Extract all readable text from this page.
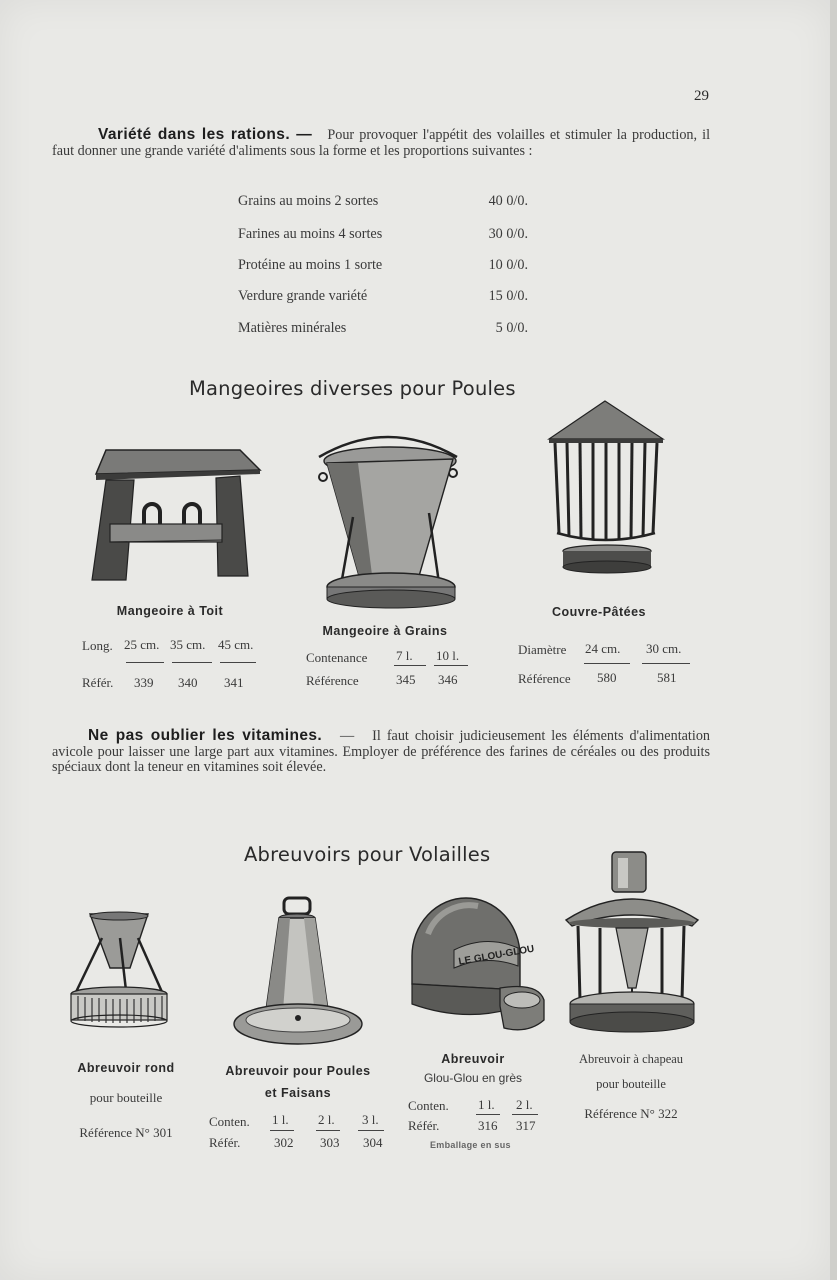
29
Variété dans les rations. — Pour provoquer l'appétit des volailles et stimuler la production, il faut donner une grande variété d'aliments sous la forme et les proportions suivantes :
Grains au moins 2 sortes	40 0/0.
Farines au moins 4 sortes	30 0/0.
Protéine au moins 1 sorte	10 0/0.
Verdure grande variété	15 0/0.
Matières minérales	5 0/0.
Mangeoires diverses pour Poules
Mangeoire à Toit
Long. 25 cm. 35 cm. 45 cm.
Référ. 339 340 341
Mangeoire à Grains
Contenance 7 l. 10 l.
Référence	345 346
Couvre-Pâtées
Diamètre 24 cm. 30 cm.
Référence 580	581
Ne pas oublier les vitamines. — Il faut choisir judicieusement les éléments d'alimentation avicole pour laisser une large part aux vitamines. Employer de préférence des farines de céréales ou des produits spéciaux dont la teneur en vitamines soit élevée.
Abreuvoirs pour Volailles
LE GLOU-GLOU
Abreuvoir rond
pour bouteille
Référence N° 301
Abreuvoir pour Poules
et Faisans
Conten. 1 l. 2 l. 3 l.
Référ.	302 303 304
Abreuvoir
Glou-Glou en grès
Conten. 1 l. 2 l.
Référ.	316 317
Emballage en sus
Abreuvoir à chapeau
pour bouteille
Référence N° 322
